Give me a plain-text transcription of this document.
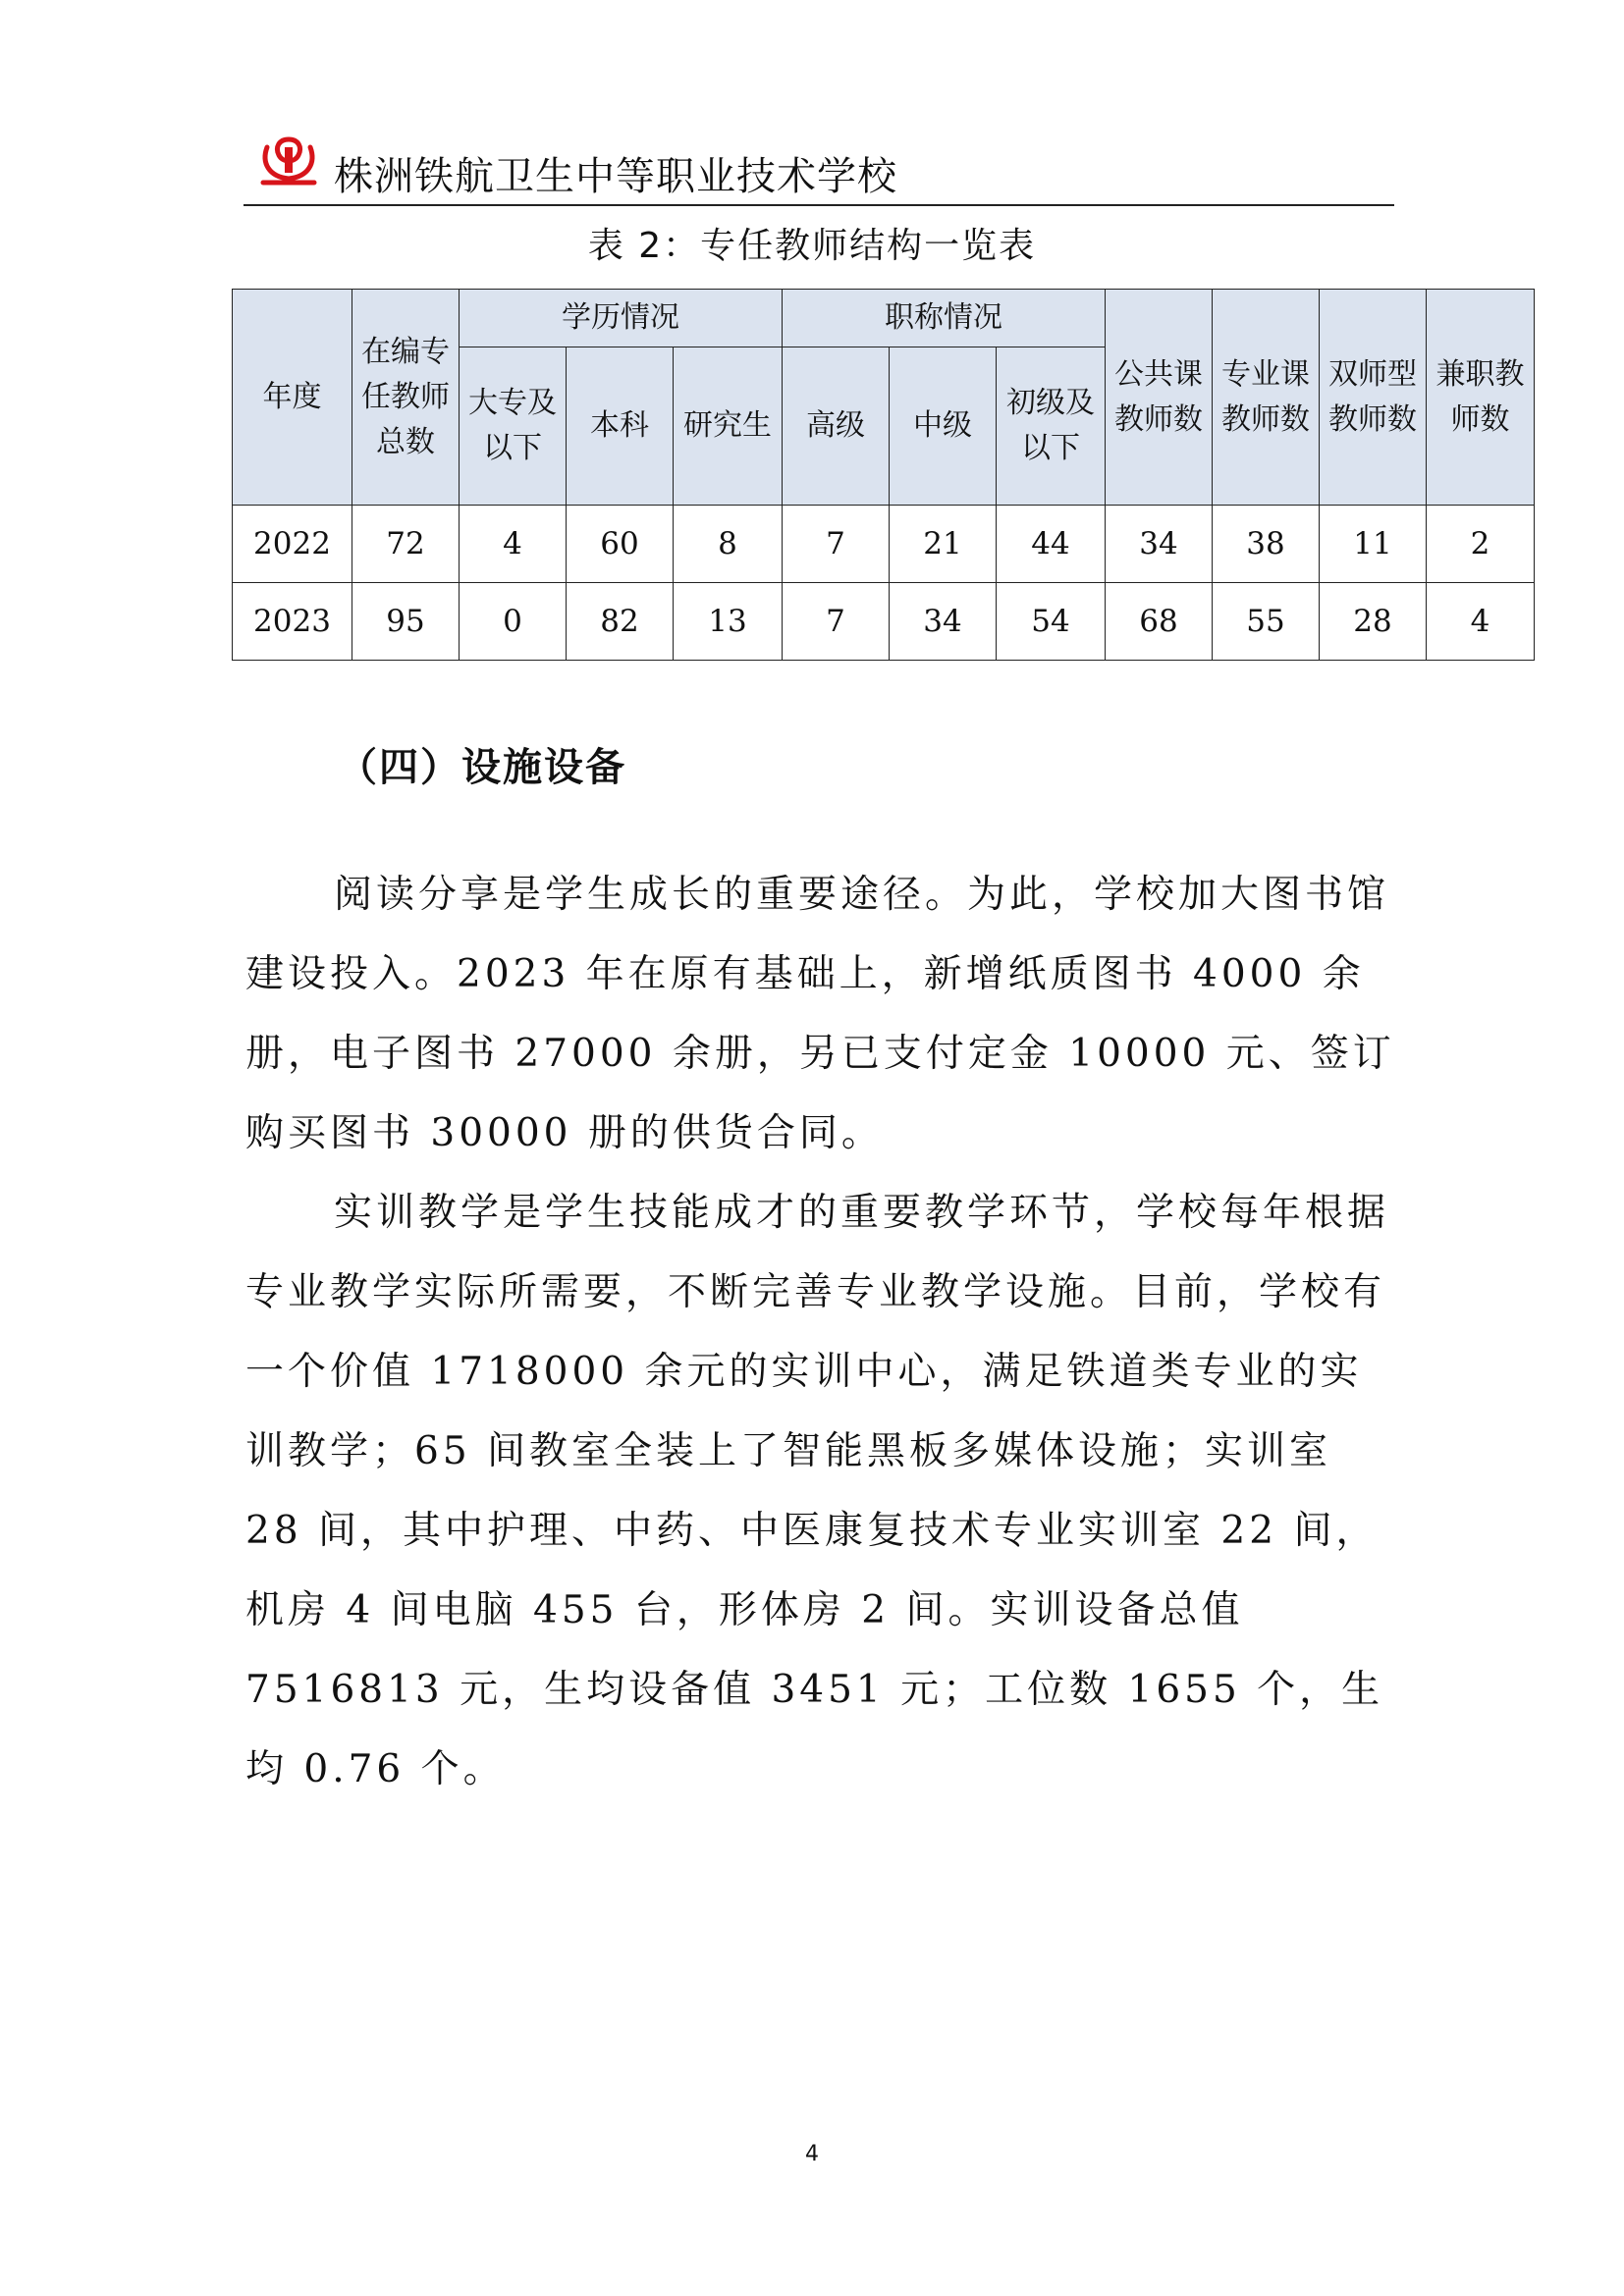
株洲铁航卫生中等职业技术学校
表 2：专任教师结构一览表
年度	在编专任教师总数	学历情况			职称情况			公共课教师数	专业课教师数	双师型教师数	兼职教师数
		大专及以下	本科	研究生	高级	中级	初级及以下				
2022	72	4	60	8	7	21	44	34	38	11	2
2023	95	0	82	13	7	34	54	68	55	28	4
（四）设施设备

阅读分享是学生成长的重要途径。为此，学校加大图书馆建设投入。2023 年在原有基础上，新增纸质图书 4000 余册，电子图书 27000 余册，另已支付定金 10000 元、签订购买图书 30000 册的供货合同。

实训教学是学生技能成才的重要教学环节，学校每年根据专业教学实际所需要，不断完善专业教学设施。目前，学校有一个价值 1718000 余元的实训中心，满足铁道类专业的实训教学；65 间教室全装上了智能黑板多媒体设施；实训室 28 间，其中护理、中药、中医康复技术专业实训室 22 间，机房 4 间电脑 455 台，形体房 2 间。实训设备总值 7516813 元，生均设备值 3451 元；工位数 1655 个，生均 0.76 个。

4
